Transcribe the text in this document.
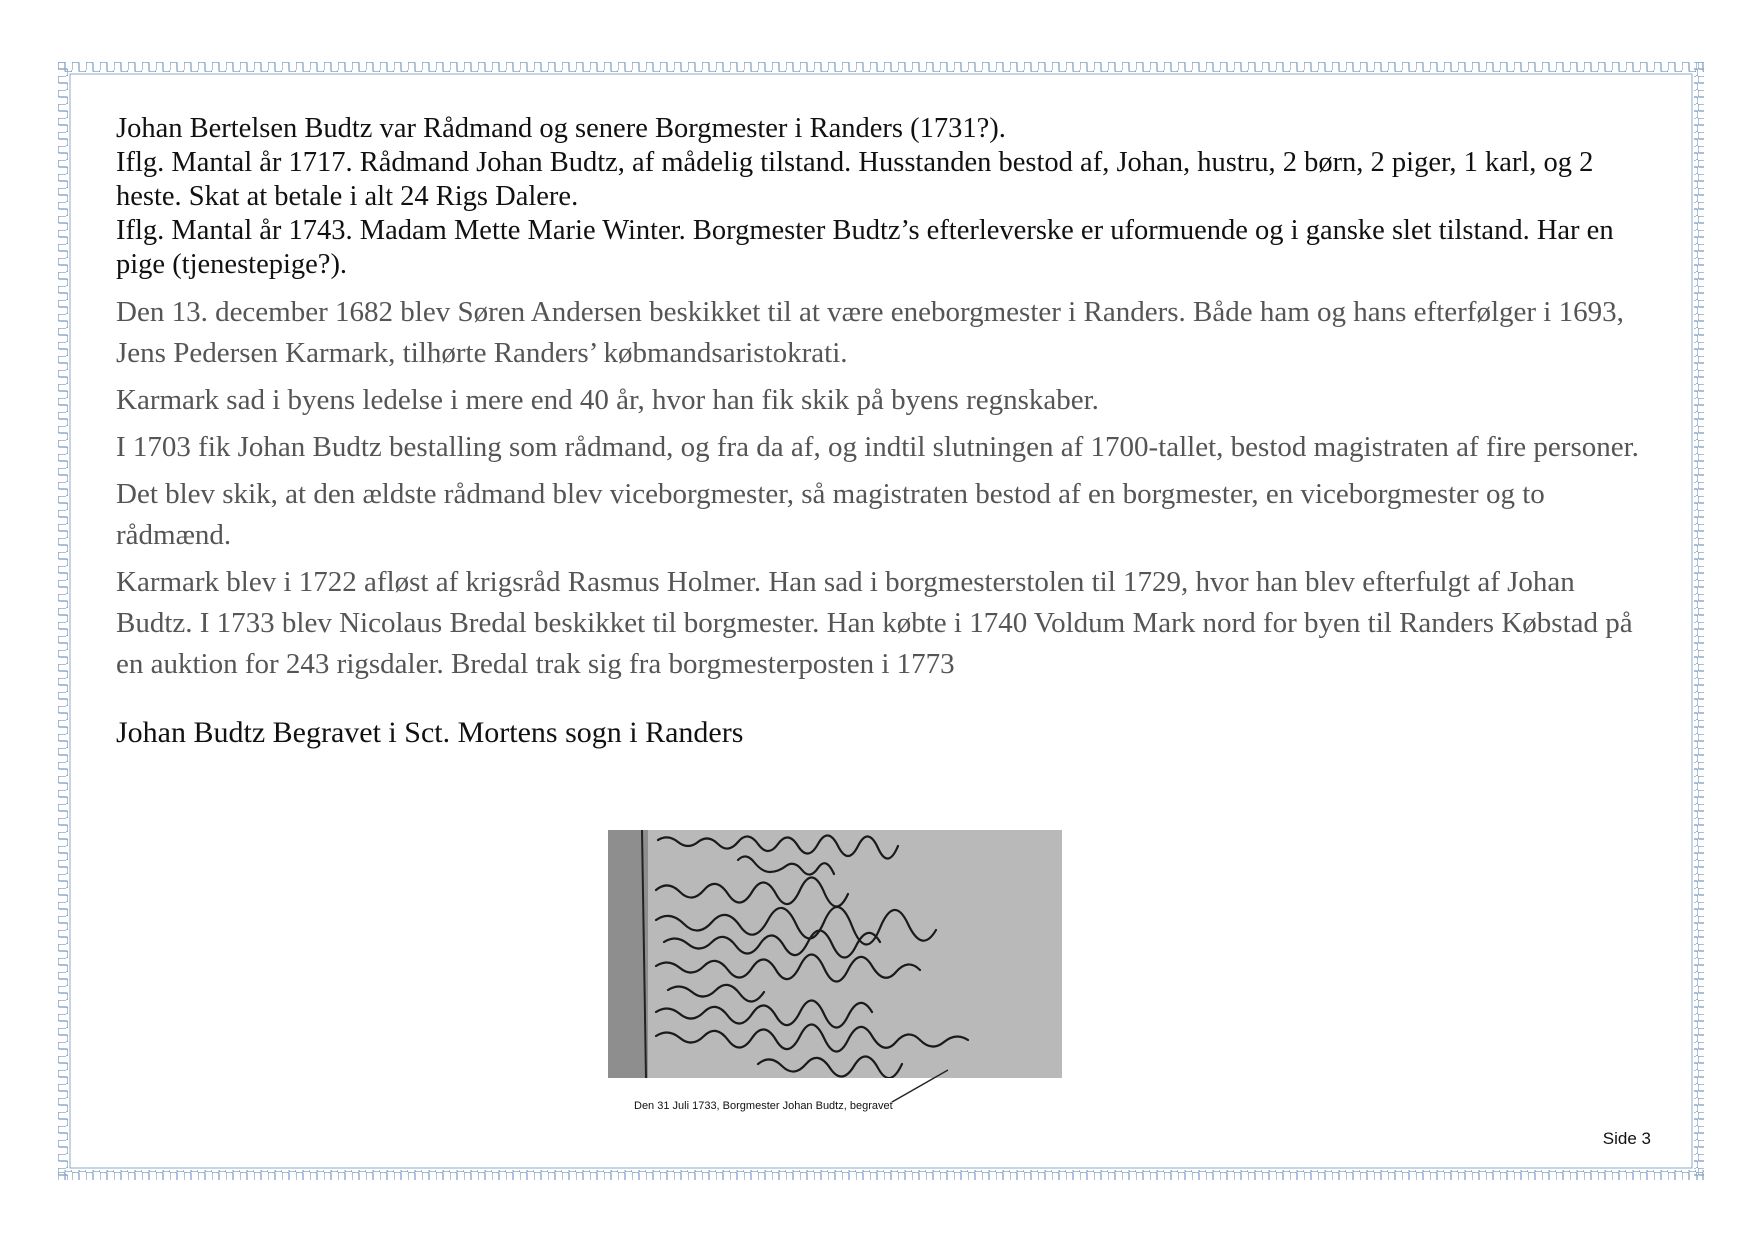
Johan Bertelsen Budtz var Rådmand og senere Borgmester i Randers (1731?).

Iflg. Mantal år 1717. Rådmand Johan Budtz, af mådelig tilstand. Husstanden bestod af, Johan, hustru, 2 børn, 2 piger, 1 karl, og 2 heste. Skat at betale i alt 24 Rigs Dalere.

Iflg. Mantal år 1743. Madam Mette Marie Winter. Borgmester Budtz’s efterleverske er uformuende og i ganske slet tilstand. Har en pige (tjenestepige?).

Den 13. december 1682 blev Søren Andersen beskikket til at være eneborgmester i Randers. Både ham og hans efterfølger i 1693, Jens Pedersen Karmark, tilhørte Randers’ købmandsaristokrati.

Karmark sad i byens ledelse i mere end 40 år, hvor han fik skik på byens regnskaber.

I 1703 fik Johan Budtz bestalling som rådmand, og fra da af, og indtil slutningen af 1700-tallet, bestod magistraten af fire personer.

Det blev skik, at den ældste rådmand blev viceborgmester, så magistraten bestod af en borgmester, en viceborgmester og to rådmænd.

Karmark blev i 1722 afløst af krigsråd Rasmus Holmer. Han sad i borgmesterstolen til 1729, hvor han blev efterfulgt af Johan Budtz. I 1733 blev Nicolaus Bredal beskikket til borgmester. Han købte i 1740 Voldum Mark nord for byen til Randers Købstad på en auktion for 243 rigsdaler. Bredal trak sig fra borgmesterposten i 1773

Johan Budtz Begravet i Sct. Mortens sogn i Randers
Den 31 Juli 1733, Borgmester Johan Budtz, begravet
Side 3
